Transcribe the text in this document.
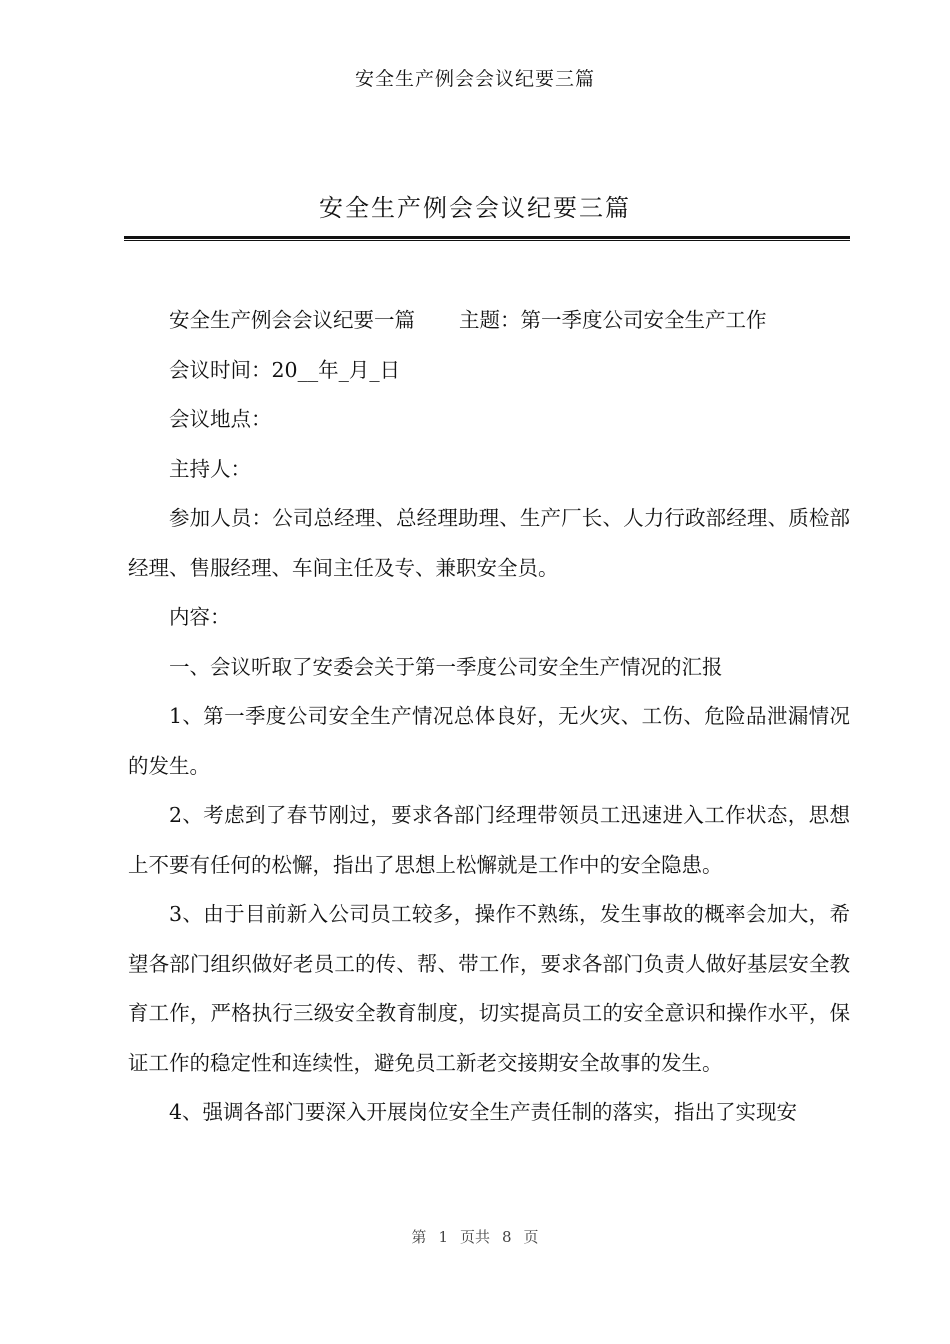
安全生产例会会议纪要三篇
安全生产例会会议纪要三篇

安全生产例会会议纪要一篇 主题：第一季度公司安全生产工作

会议时间：20__年_月_日

会议地点：

主持人：

参加人员：公司总经理、总经理助理、生产厂长、人力行政部经理、质检部经理、售服经理、车间主任及专、兼职安全员。

内容：

一、会议听取了安委会关于第一季度公司安全生产情况的汇报

1、第一季度公司安全生产情况总体良好，无火灾、工伤、危险品泄漏情况的发生。

2、考虑到了春节刚过，要求各部门经理带领员工迅速进入工作状态，思想上不要有任何的松懈，指出了思想上松懈就是工作中的安全隐患。

3、由于目前新入公司员工较多，操作不熟练，发生事故的概率会加大，希望各部门组织做好老员工的传、帮、带工作，要求各部门负责人做好基层安全教育工作，严格执行三级安全教育制度，切实提高员工的安全意识和操作水平，保证工作的稳定性和连续性，避免员工新老交接期安全故事的发生。

4、强调各部门要深入开展岗位安全生产责任制的落实，指出了实现安

第 1 页共 8 页
